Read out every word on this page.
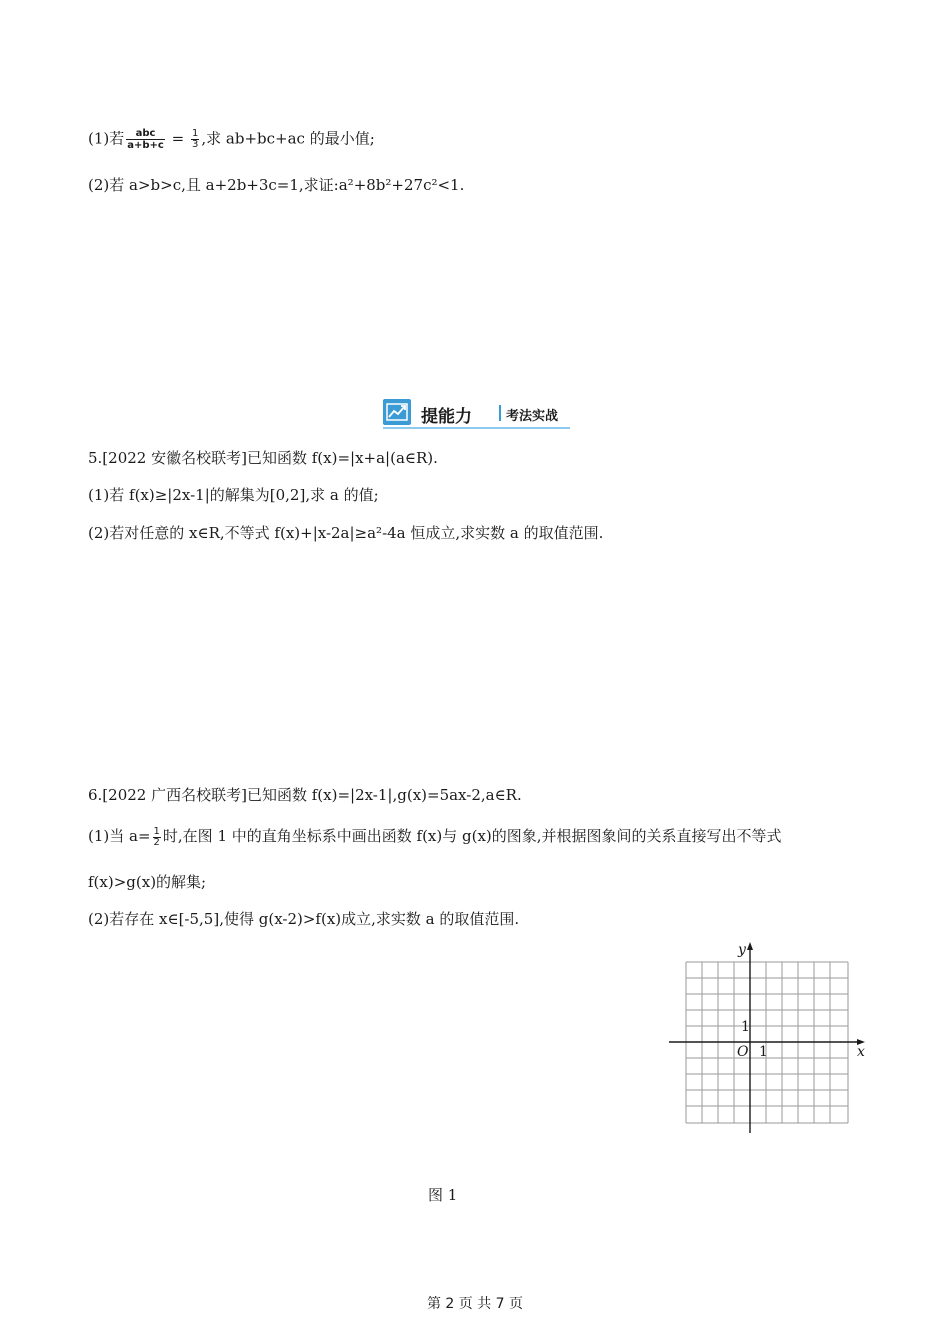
(1)若 $\frac{\text{abc}}{a+b+c} = \frac{1}{3}$ ,求 ab+bc+ac 的最小值;
(2)若 a>b>c,且 a+2b+3c=1,求证:a²+8b²+27c²<1.
提能力	考法实战
5.[2022 安徽名校联考]已知函数 f(x)=|x+a|(a∈R).
(1)若 f(x)≥|2x-1|的解集为[0,2],求 a 的值;
(2)若对任意的 x∈R,不等式 f(x)+|x-2a|≥a²-4a 恒成立,求实数 a 的取值范围.
6.[2022 广西名校联考]已知函数 f(x)=|2x-1|,g(x)=5ax-2,a∈R.
(1)当 $a= \frac{1}{2}$ 时,在图 1 中的直角坐标系中画出函数 f(x)与 g(x)的图象,并根据图象间的关系直接写出不等式
f(x)>g(x)的解集;
(2)若存在 x∈[-5,5],使得 g(x-2)>f(x)成立,求实数 a 的取值范围.
x
y
O 1
1
图 1
第 2 页 共 7 页
